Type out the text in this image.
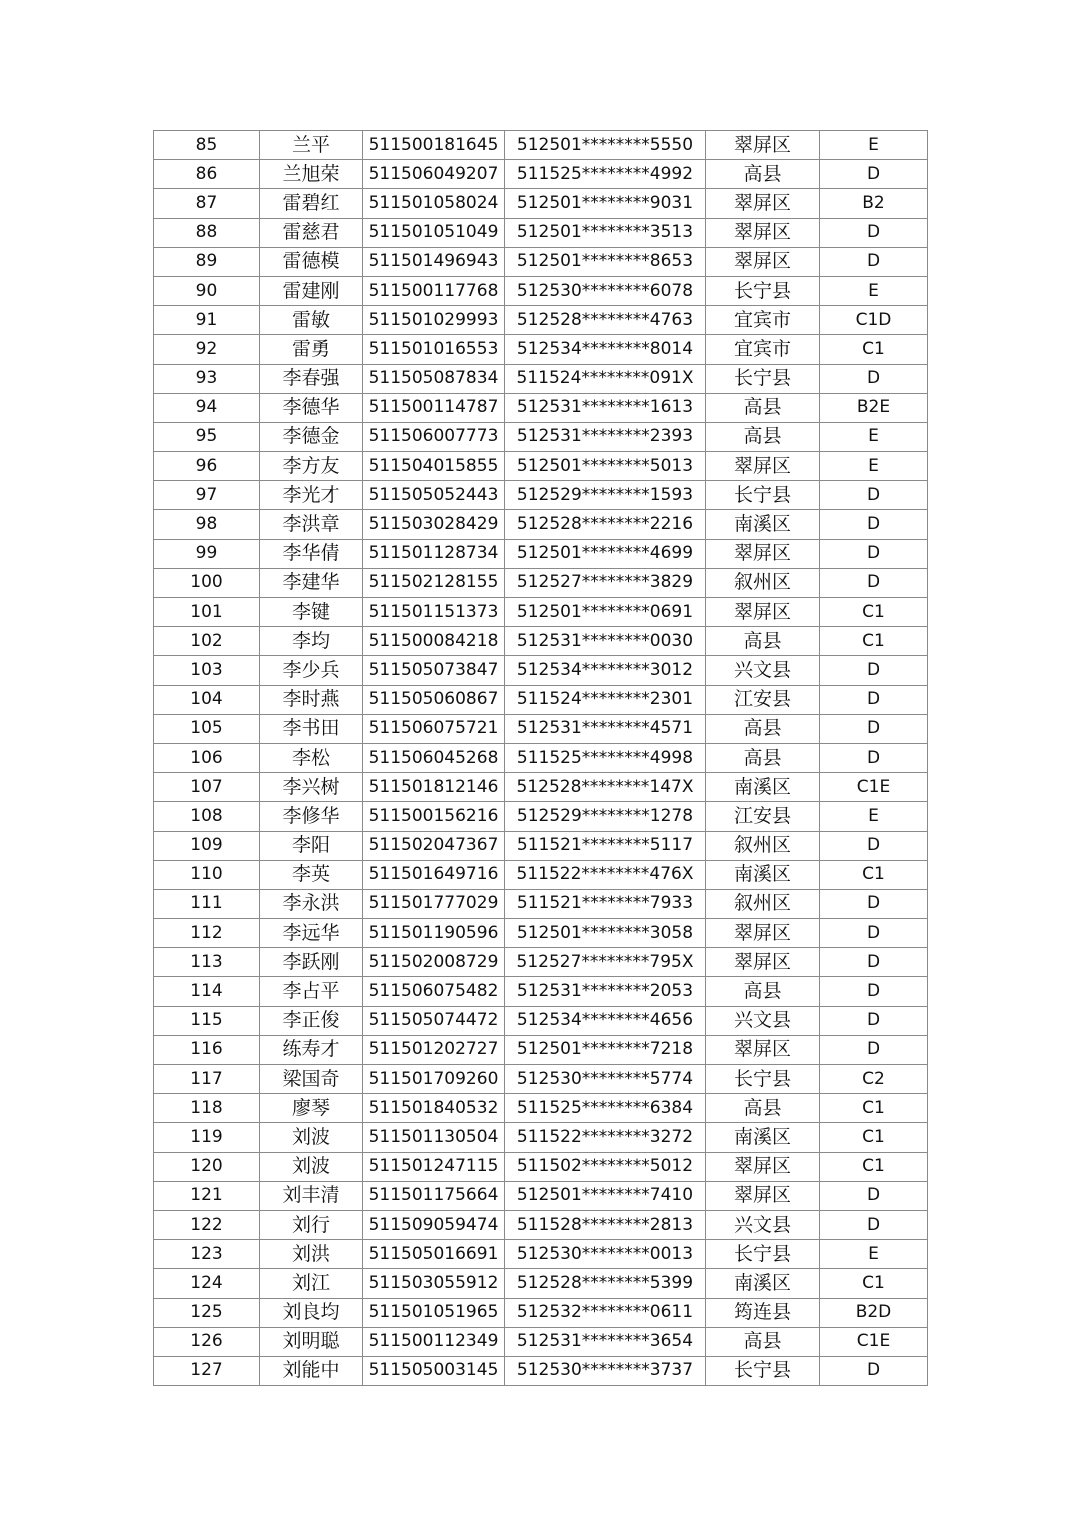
85	兰平	511500181645	512501********5550	翠屏区	E
86	兰旭荣	511506049207	511525********4992	高县	D
87	雷碧红	511501058024	512501********9031	翠屏区	B2
88	雷慈君	511501051049	512501********3513	翠屏区	D
89	雷德模	511501496943	512501********8653	翠屏区	D
90	雷建刚	511500117768	512530********6078	长宁县	E
91	雷敏	511501029993	512528********4763	宜宾市	C1D
92	雷勇	511501016553	512534********8014	宜宾市	C1
93	李春强	511505087834	511524********091X	长宁县	D
94	李德华	511500114787	512531********1613	高县	B2E
95	李德金	511506007773	512531********2393	高县	E
96	李方友	511504015855	512501********5013	翠屏区	E
97	李光才	511505052443	512529********1593	长宁县	D
98	李洪章	511503028429	512528********2216	南溪区	D
99	李华倩	511501128734	512501********4699	翠屏区	D
100	李建华	511502128155	512527********3829	叙州区	D
101	李键	511501151373	512501********0691	翠屏区	C1
102	李均	511500084218	512531********0030	高县	C1
103	李少兵	511505073847	512534********3012	兴文县	D
104	李时燕	511505060867	511524********2301	江安县	D
105	李书田	511506075721	512531********4571	高县	D
106	李松	511506045268	511525********4998	高县	D
107	李兴树	511501812146	512528********147X	南溪区	C1E
108	李修华	511500156216	512529********1278	江安县	E
109	李阳	511502047367	511521********5117	叙州区	D
110	李英	511501649716	511522********476X	南溪区	C1
111	李永洪	511501777029	511521********7933	叙州区	D
112	李远华	511501190596	512501********3058	翠屏区	D
113	李跃刚	511502008729	512527********795X	翠屏区	D
114	李占平	511506075482	512531********2053	高县	D
115	李正俊	511505074472	512534********4656	兴文县	D
116	练寿才	511501202727	512501********7218	翠屏区	D
117	梁国奇	511501709260	512530********5774	长宁县	C2
118	廖琴	511501840532	511525********6384	高县	C1
119	刘波	511501130504	511522********3272	南溪区	C1
120	刘波	511501247115	511502********5012	翠屏区	C1
121	刘丰清	511501175664	512501********7410	翠屏区	D
122	刘行	511509059474	511528********2813	兴文县	D
123	刘洪	511505016691	512530********0013	长宁县	E
124	刘江	511503055912	512528********5399	南溪区	C1
125	刘良均	511501051965	512532********0611	筠连县	B2D
126	刘明聪	511500112349	512531********3654	高县	C1E
127	刘能中	511505003145	512530********3737	长宁县	D
